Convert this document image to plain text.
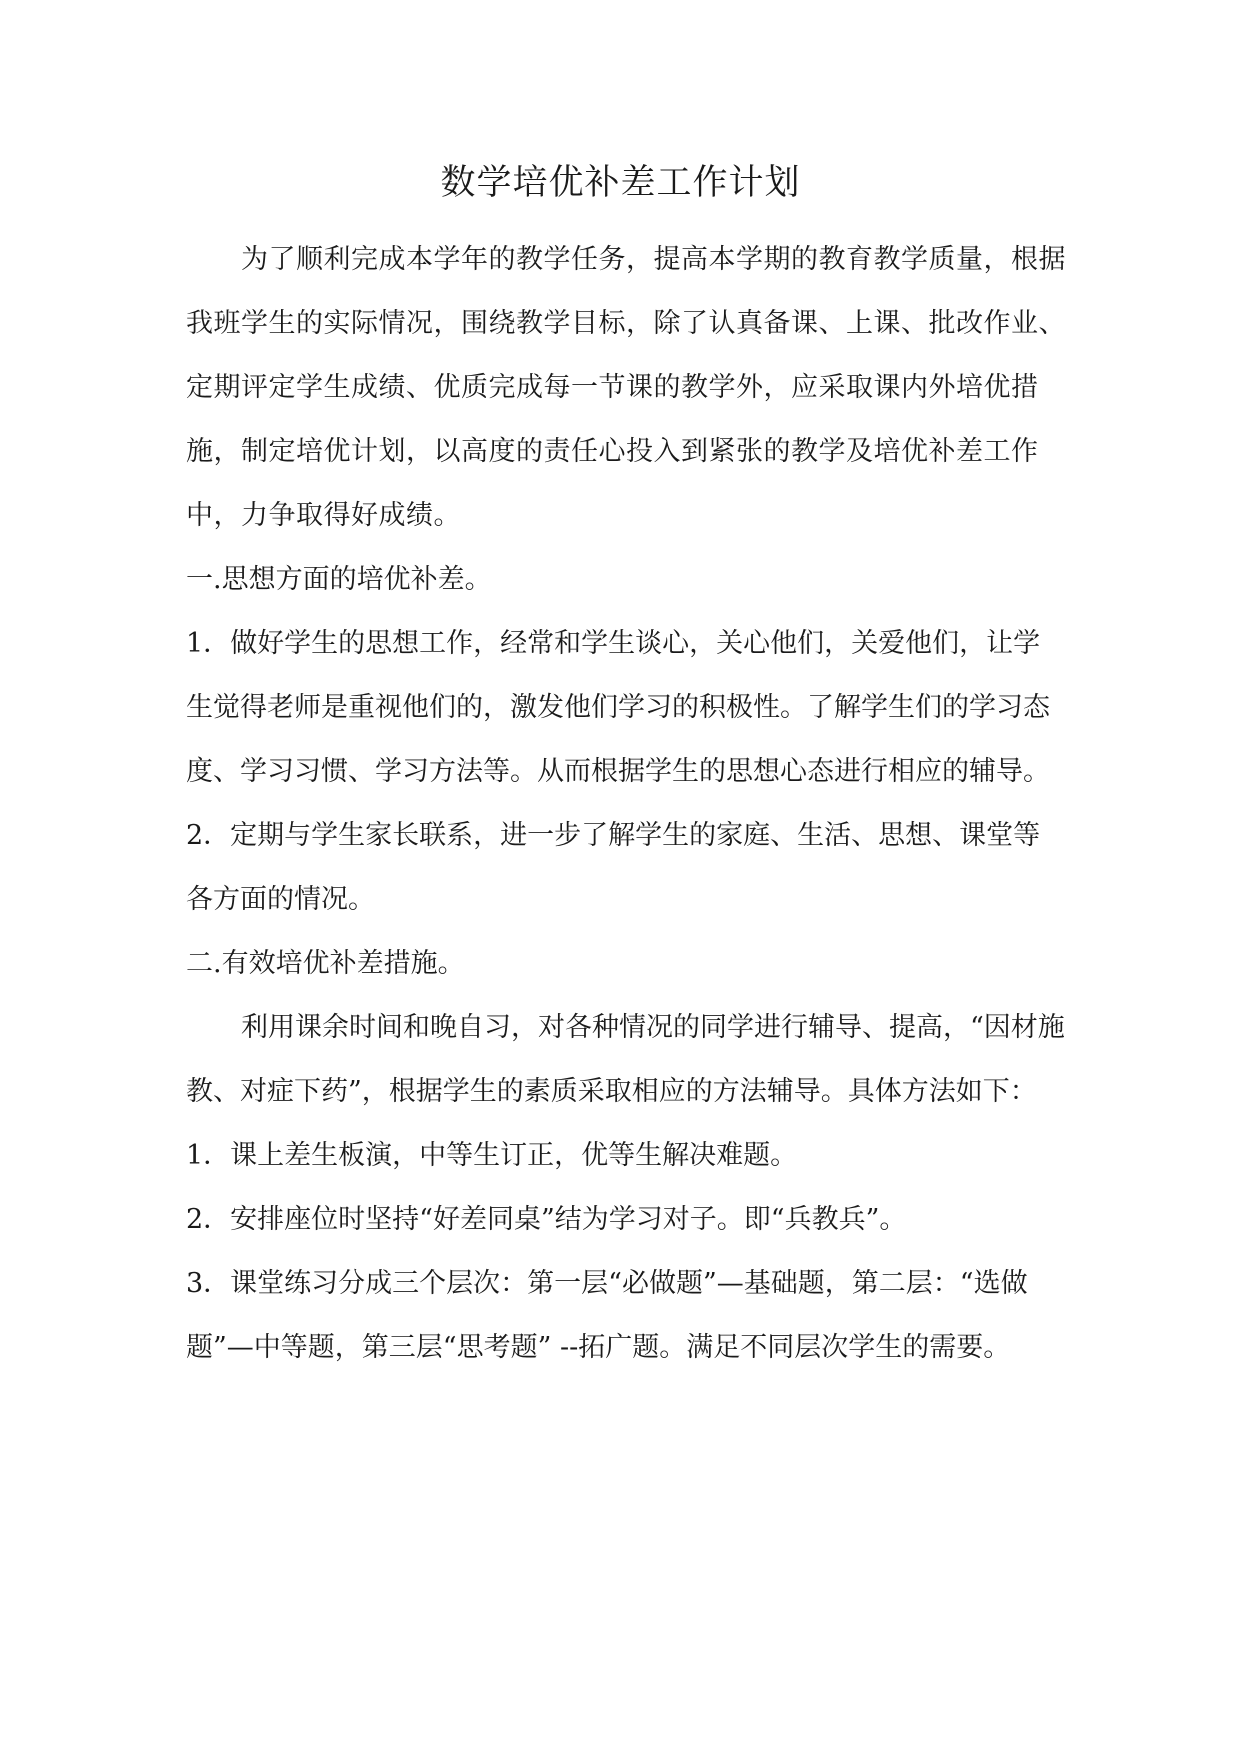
数学培优补差工作计划

为了顺利完成本学年的教学任务，提高本学期的教育教学质量，根据我班学生的实际情况，围绕教学目标，除了认真备课、上课、批改作业、定期评定学生成绩、优质完成每一节课的教学外，应采取课内外培优措施，制定培优计划，以高度的责任心投入到紧张的教学及培优补差工作中，力争取得好成绩。

一.思想方面的培优补差。

1．做好学生的思想工作，经常和学生谈心，关心他们，关爱他们，让学生觉得老师是重视他们的，激发他们学习的积极性。了解学生们的学习态度、学习习惯、学习方法等。从而根据学生的思想心态进行相应的辅导。

2．定期与学生家长联系，进一步了解学生的家庭、生活、思想、课堂等各方面的情况。

二.有效培优补差措施。

利用课余时间和晚自习，对各种情况的同学进行辅导、提高，“因材施教、对症下药”，根据学生的素质采取相应的方法辅导。具体方法如下：

1．课上差生板演，中等生订正，优等生解决难题。

2．安排座位时坚持“好差同桌”结为学习对子。即“兵教兵”。

3．课堂练习分成三个层次：第一层“必做题”—基础题，第二层：“选做题”—中等题，第三层“思考题” --拓广题。满足不同层次学生的需要。
